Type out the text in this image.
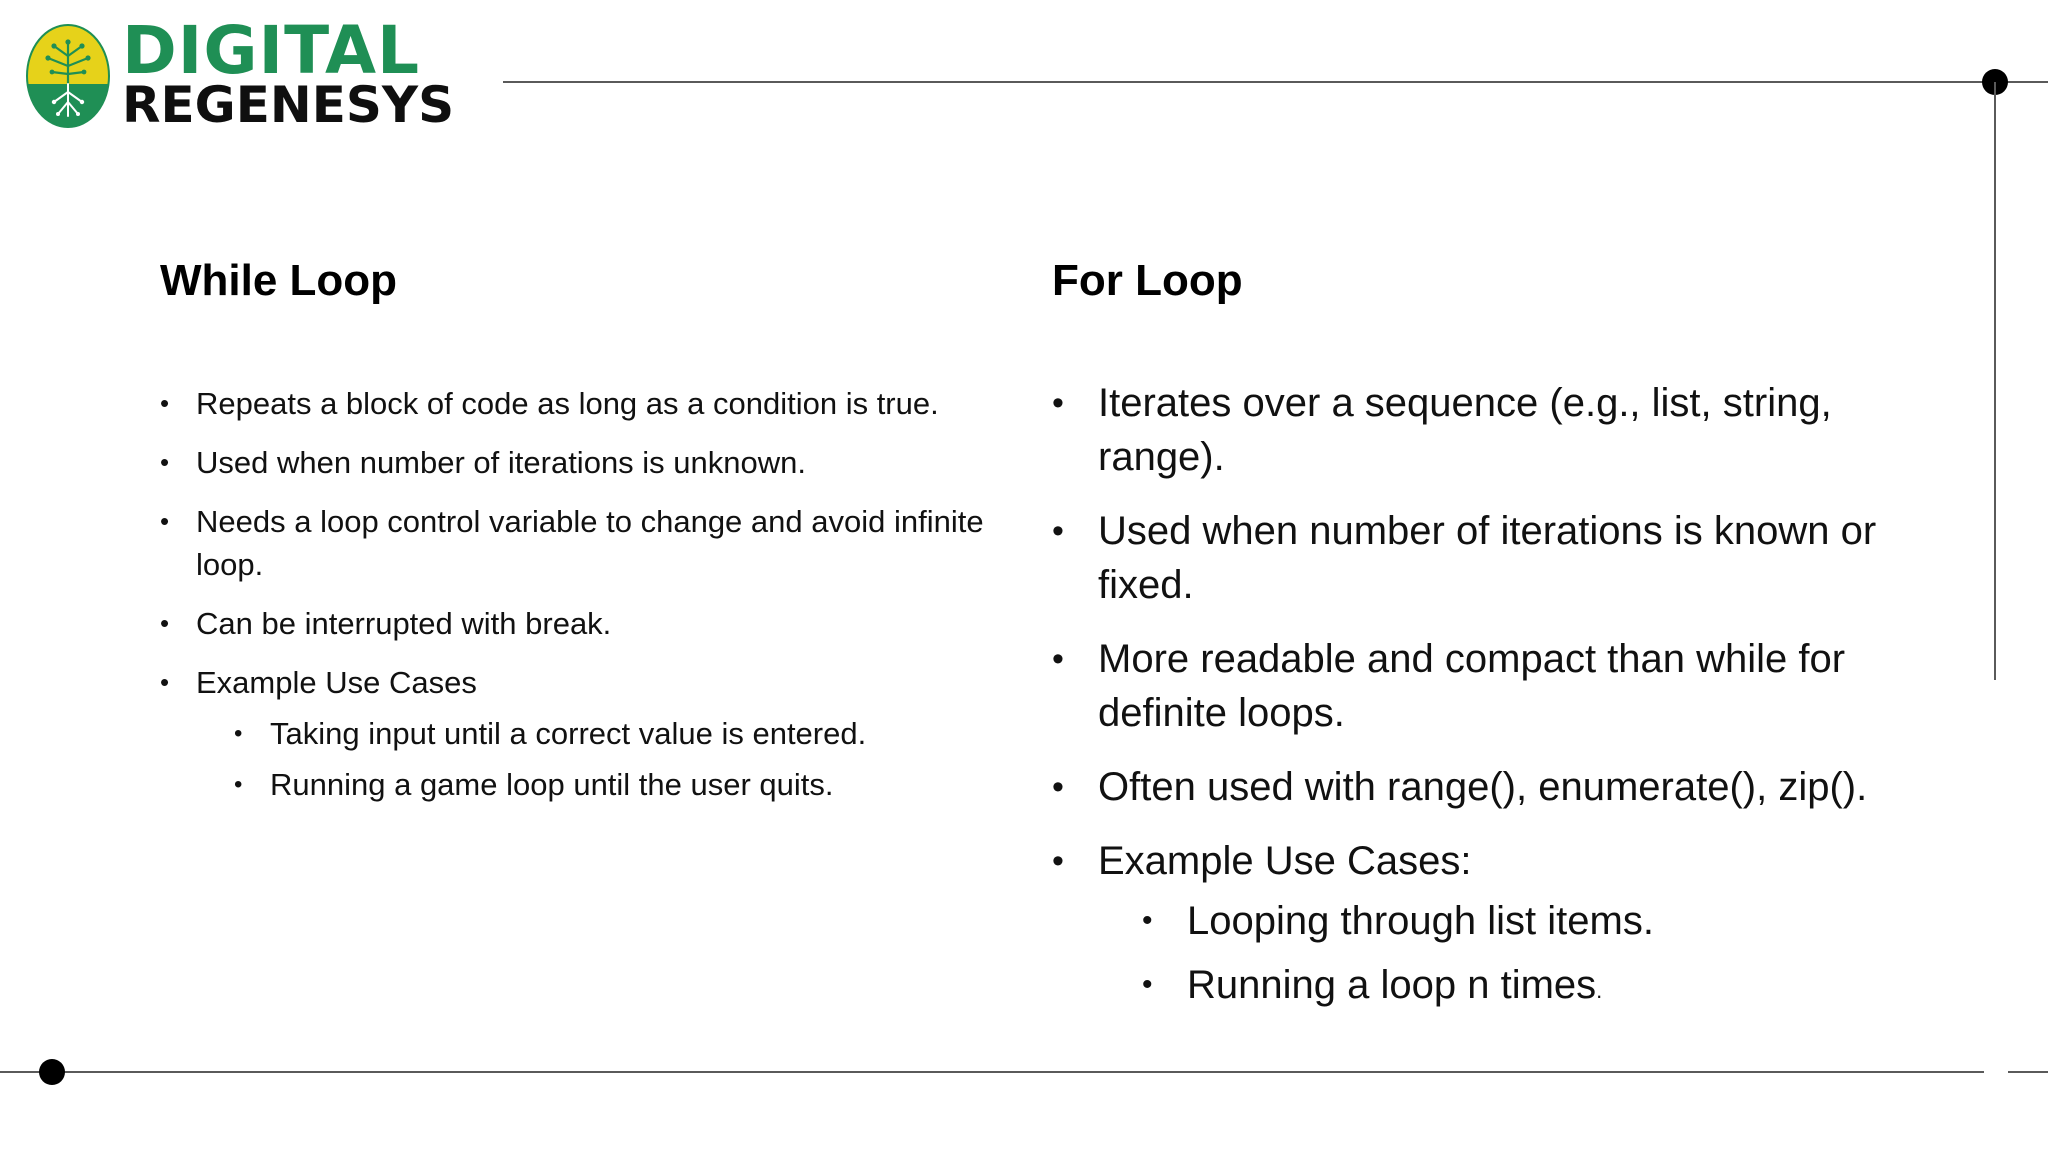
DIGITAL
REGENESYS
While Loop
• Repeats a block of code as long as a condition is true.
• Used when number of iterations is unknown.
• Needs a loop control variable to change and avoid infinite loop.
• Can be interrupted with break.
• Example Use Cases
• Taking input until a correct value is entered.
• Running a game loop until the user quits.
For Loop
• Iterates over a sequence (e.g., list, string, range).
• Used when number of iterations is known or fixed.
• More readable and compact than while for definite loops.
• Often used with range(), enumerate(), zip().
• Example Use Cases:
• Looping through list items.
• Running a loop n times.
